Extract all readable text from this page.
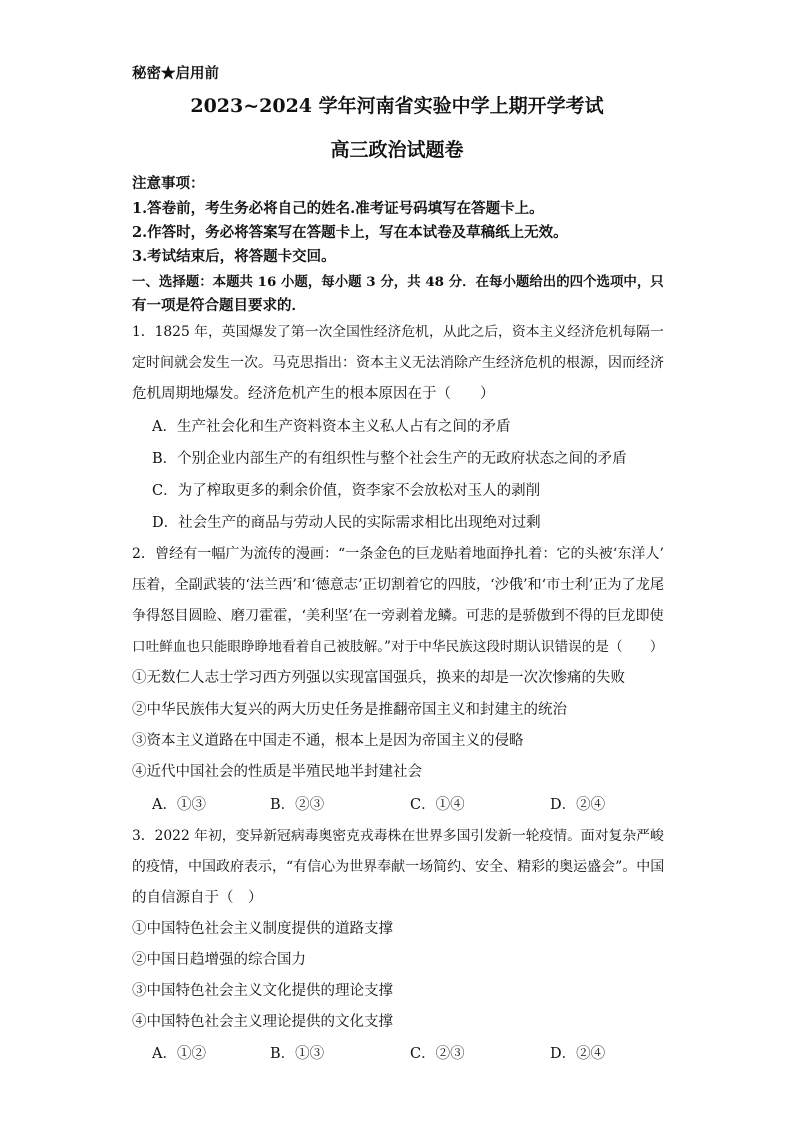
秘密★启用前
2023~2024 学年河南省实验中学上期开学考试
高三政治试题卷
注意事项：
1.答卷前，考生务必将自己的姓名.准考证号码填写在答题卡上。
2.作答时，务必将答案写在答题卡上，写在本试卷及草稿纸上无效。
3.考试结束后，将答题卡交回。
一、选择题：本题共 16 小题，每小题 3 分，共 48 分．在每小题给出的四个选项中，只
有一项是符合题目要求的．
1．1825 年，英国爆发了第一次全国性经济危机，从此之后，资本主义经济危机每隔一
定时间就会发生一次。马克思指出：资本主义无法消除产生经济危机的根源，因而经济
危机周期地爆发。经济危机产生的根本原因在于（　　）
A．生产社会化和生产资料资本主义私人占有之间的矛盾
B．个别企业内部生产的有组织性与整个社会生产的无政府状态之间的矛盾
C．为了榨取更多的剩余价值，资李家不会放松对玉人的剥削
D．社会生产的商品与劳动人民的实际需求相比出现绝对过剩
2．曾经有一幅广为流传的漫画：“一条金色的巨龙贴着地面挣扎着：它的头被‘东洋人’
压着，全副武装的‘法兰西’和‘德意志’正切割着它的四肢，‘沙俄’和‘市士利’正为了龙尾
争得怒目圆睑、磨刀霍霍，‘美利坚’在一旁剥着龙鳞。可悲的是骄傲到不得的巨龙即使
口吐鲜血也只能眼睁睁地看着自己被肢解。”对于中华民族这段时期认识错误的是（　　）
①无数仁人志士学习西方列强以实现富国强兵，换来的却是一次次惨痛的失败
②中华民族伟大复兴的两大历史任务是推翻帝国主义和封建主的统治
③资本主义道路在中国走不通，根本上是因为帝国主义的侵略
④近代中国社会的性质是半殖民地半封建社会
A．①③	B．②③	C．①④	D．②④
3．2022 年初，变异新冠病毒奥密克戎毒株在世界多国引发新一轮疫情。面对复杂严峻
的疫情，中国政府表示，“有信心为世界奉献一场简约、安全、精彩的奥运盛会”。中国
的自信源自于（　）
①中国特色社会主义制度提供的道路支撑
②中国日趋增强的综合国力
③中国特色社会主义文化提供的理论支撑
④中国特色社会主义理论提供的文化支撑
A．①②	B．①③	C．②③	D．②④
